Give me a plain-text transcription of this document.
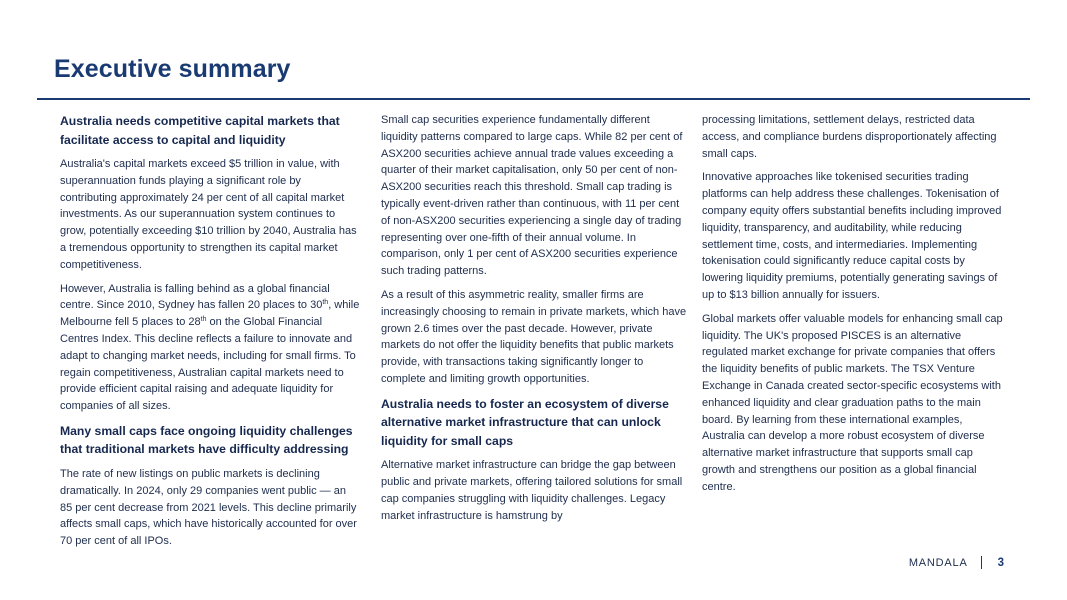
Executive summary
Australia needs competitive capital markets that facilitate access to capital and liquidity

Australia's capital markets exceed $5 trillion in value, with superannuation funds playing a significant role by contributing approximately 24 per cent of all capital market investments. As our superannuation system continues to grow, potentially exceeding $10 trillion by 2040, Australia has a tremendous opportunity to strengthen its capital market competitiveness.

However, Australia is falling behind as a global financial centre. Since 2010, Sydney has fallen 20 places to 30th, while Melbourne fell 5 places to 28th on the Global Financial Centres Index. This decline reflects a failure to innovate and adapt to changing market needs, including for small firms. To regain competitiveness, Australian capital markets need to provide efficient capital raising and adequate liquidity for companies of all sizes.

Many small caps face ongoing liquidity challenges that traditional markets have difficulty addressing

The rate of new listings on public markets is declining dramatically. In 2024, only 29 companies went public — an 85 per cent decrease from 2021 levels. This decline primarily affects small caps, which have historically accounted for over 70 per cent of all IPOs.

Small cap securities experience fundamentally different liquidity patterns compared to large caps. While 82 per cent of ASX200 securities achieve annual trade values exceeding a quarter of their market capitalisation, only 50 per cent of non-ASX200 securities reach this threshold. Small cap trading is typically event-driven rather than continuous, with 11 per cent of non-ASX200 securities experiencing a single day of trading representing over one-fifth of their annual volume. In comparison, only 1 per cent of ASX200 securities experience such trading patterns.

As a result of this asymmetric reality, smaller firms are increasingly choosing to remain in private markets, which have grown 2.6 times over the past decade. However, private markets do not offer the liquidity benefits that public markets provide, with transactions taking significantly longer to complete and limiting growth opportunities.

Australia needs to foster an ecosystem of diverse alternative market infrastructure that can unlock liquidity for small caps

Alternative market infrastructure can bridge the gap between public and private markets, offering tailored solutions for small cap companies struggling with liquidity challenges. Legacy market infrastructure is hamstrung by

processing limitations, settlement delays, restricted data access, and compliance burdens disproportionately affecting small caps.

Innovative approaches like tokenised securities trading platforms can help address these challenges. Tokenisation of company equity offers substantial benefits including improved liquidity, transparency, and auditability, while reducing settlement time, costs, and intermediaries. Implementing tokenisation could significantly reduce capital costs by lowering liquidity premiums, potentially generating savings of up to $13 billion annually for issuers.

Global markets offer valuable models for enhancing small cap liquidity. The UK's proposed PISCES is an alternative regulated market exchange for private companies that offers the liquidity benefits of public markets. The TSX Venture Exchange in Canada created sector-specific ecosystems with enhanced liquidity and clear graduation paths to the main board. By learning from these international examples, Australia can develop a more robust ecosystem of diverse alternative market infrastructure that supports small cap growth and strengthens our position as a global financial centre.

MANDALA	3
